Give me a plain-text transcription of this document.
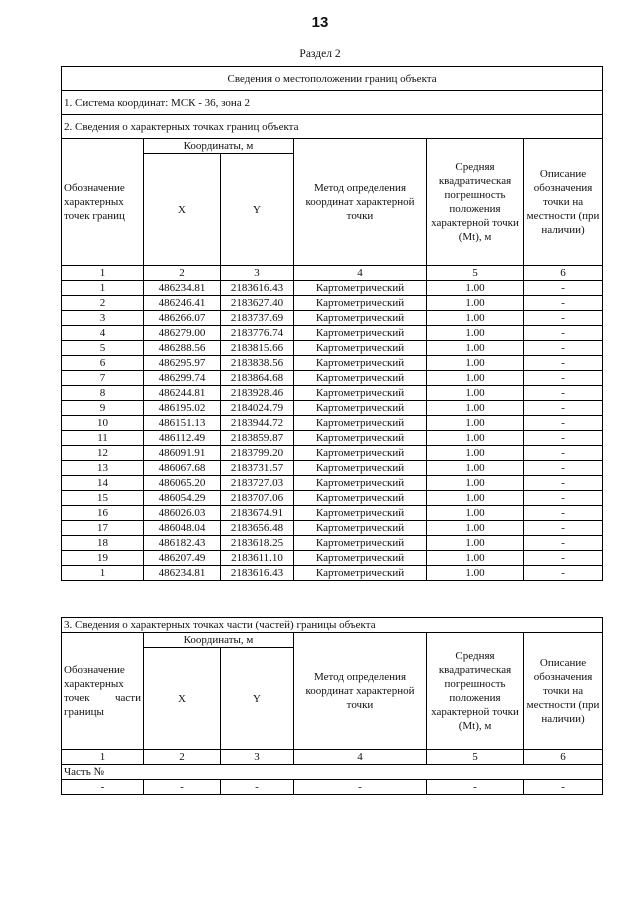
13
Раздел 2
Сведения о местоположении границ объекта					
1. Система координат: МСК - 36, зона 2					
2. Сведения о характерных точках границ объекта					
Обозначение характерных точек границ	Координаты, м		Метод определения координат характерной точки	Средняя квадратическая погрешность положения характерной точки (Mt), м	Описание обозначения точки на местности (при наличии)
	X	Y			
1	2	3	4	5	6
1	486234.81	2183616.43	Картометрический	1.00	-
2	486246.41	2183627.40	Картометрический	1.00	-
3	486266.07	2183737.69	Картометрический	1.00	-
4	486279.00	2183776.74	Картометрический	1.00	-
5	486288.56	2183815.66	Картометрический	1.00	-
6	486295.97	2183838.56	Картометрический	1.00	-
7	486299.74	2183864.68	Картометрический	1.00	-
8	486244.81	2183928.46	Картометрический	1.00	-
9	486195.02	2184024.79	Картометрический	1.00	-
10	486151.13	2183944.72	Картометрический	1.00	-
11	486112.49	2183859.87	Картометрический	1.00	-
12	486091.91	2183799.20	Картометрический	1.00	-
13	486067.68	2183731.57	Картометрический	1.00	-
14	486065.20	2183727.03	Картометрический	1.00	-
15	486054.29	2183707.06	Картометрический	1.00	-
16	486026.03	2183674.91	Картометрический	1.00	-
17	486048.04	2183656.48	Картометрический	1.00	-
18	486182.43	2183618.25	Картометрический	1.00	-
19	486207.49	2183611.10	Картометрический	1.00	-
1	486234.81	2183616.43	Картометрический	1.00	-
3. Сведения о характерных точках части (частей) границы объекта					
Обозначение характерных точек части границы	Координаты, м		Метод определения координат характерной точки	Средняя квадратическая погрешность положения характерной точки (Mt), м	Описание обозначения точки на местности (при наличии)
	X	Y			
1	2	3	4	5	6
Часть №					
-	-	-	-	-	-
